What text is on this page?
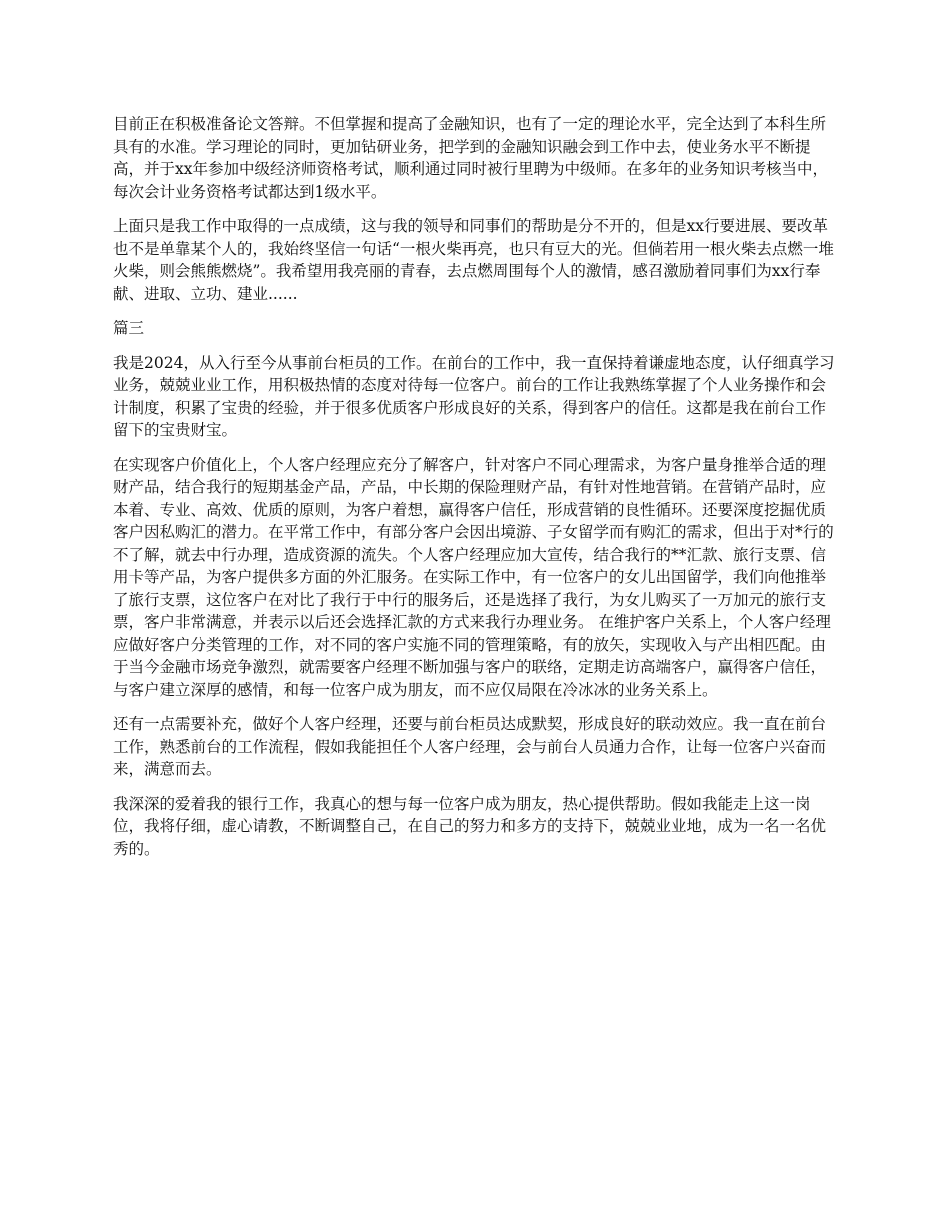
目前正在积极准备论文答辩。不但掌握和提高了金融知识，也有了一定的理论水平，完全达到了本科生所具有的水准。学习理论的同时，更加钻研业务，把学到的金融知识融会到工作中去，使业务水平不断提高，并于xx年参加中级经济师资格考试，顺利通过同时被行里聘为中级师。在多年的业务知识考核当中，每次会计业务资格考试都达到1级水平。

上面只是我工作中取得的一点成绩，这与我的领导和同事们的帮助是分不开的，但是xx行要进展、要改革也不是单靠某个人的，我始终坚信一句话“一根火柴再亮，也只有豆大的光。但倘若用一根火柴去点燃一堆火柴，则会熊熊燃烧”。我希望用我亮丽的青春，去点燃周围每个人的激情，感召激励着同事们为xx行奉献、进取、立功、建业......

篇三

我是2024，从入行至今从事前台柜员的工作。在前台的工作中，我一直保持着谦虚地态度，认仔细真学习业务，兢兢业业工作，用积极热情的态度对待每一位客户。前台的工作让我熟练掌握了个人业务操作和会计制度，积累了宝贵的经验，并于很多优质客户形成良好的关系，得到客户的信任。这都是我在前台工作留下的宝贵财宝。

在实现客户价值化上，个人客户经理应充分了解客户，针对客户不同心理需求，为客户量身推举合适的理财产品，结合我行的短期基金产品，产品，中长期的保险理财产品，有针对性地营销。在营销产品时，应本着、专业、高效、优质的原则，为客户着想，赢得客户信任，形成营销的良性循环。还要深度挖掘优质客户因私购汇的潜力。在平常工作中，有部分客户会因出境游、子女留学而有购汇的需求，但出于对*行的不了解，就去中行办理，造成资源的流失。个人客户经理应加大宣传，结合我行的**汇款、旅行支票、信用卡等产品，为客户提供多方面的外汇服务。在实际工作中，有一位客户的女儿出国留学，我们向他推举了旅行支票，这位客户在对比了我行于中行的服务后，还是选择了我行，为女儿购买了一万加元的旅行支票，客户非常满意，并表示以后还会选择汇款的方式来我行办理业务。 在维护客户关系上，个人客户经理应做好客户分类管理的工作，对不同的客户实施不同的管理策略，有的放矢，实现收入与产出相匹配。由于当今金融市场竞争激烈，就需要客户经理不断加强与客户的联络，定期走访高端客户，赢得客户信任，与客户建立深厚的感情，和每一位客户成为朋友，而不应仅局限在冷冰冰的业务关系上。

还有一点需要补充，做好个人客户经理，还要与前台柜员达成默契，形成良好的联动效应。我一直在前台工作，熟悉前台的工作流程，假如我能担任个人客户经理，会与前台人员通力合作，让每一位客户兴奋而来，满意而去。

我深深的爱着我的银行工作，我真心的想与每一位客户成为朋友，热心提供帮助。假如我能走上这一岗位，我将仔细，虚心请教，不断调整自己，在自己的努力和多方的支持下，兢兢业业地，成为一名一名优秀的。
